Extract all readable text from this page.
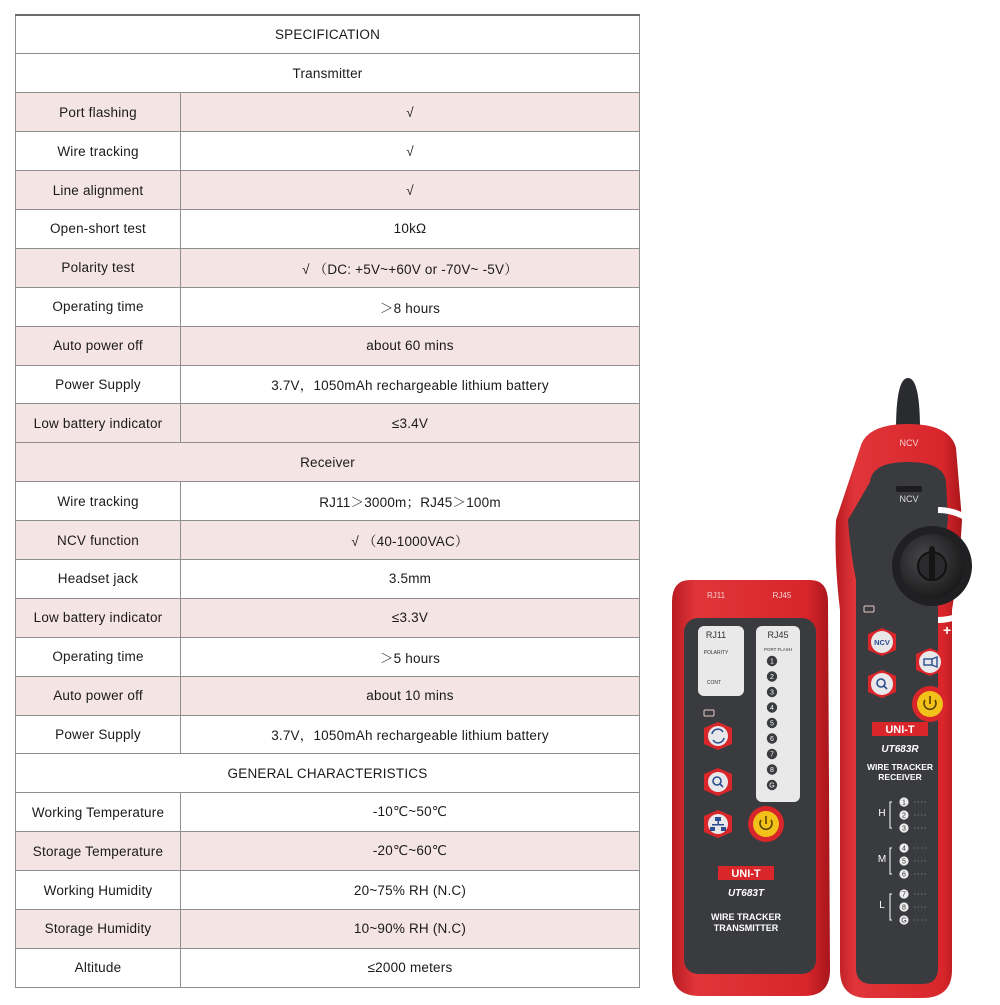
SPECIFICATION	
Transmitter	
Port flashing	√
Wire tracking	√
Line alignment	√
Open-short test	10kΩ
Polarity test	√ （DC: +5V~+60V or -70V~ -5V）
Operating time	＞8 hours
Auto power off	about 60 mins
Power Supply	3.7V，1050mAh rechargeable lithium battery
Low battery indicator	≤3.4V
Receiver	
Wire tracking	RJ11＞3000m；RJ45＞100m
NCV function	√ （40-1000VAC）
Headset jack	3.5mm
Low battery indicator	≤3.3V
Operating time	＞5 hours
Auto power off	about 10 mins
Power Supply	3.7V，1050mAh rechargeable lithium battery
GENERAL CHARACTERISTICS	
Working Temperature	-10℃~50℃
Storage Temperature	-20℃~60℃
Working Humidity	20~75% RH (N.C)
Storage Humidity	10~90% RH (N.C)
Altitude	≤2000 meters
RJ11	RJ45
RJ11
POLARITY
CONT
RJ45
PORT FLASH
1
2
3
4
5
6
7
8
G
UNI-T
UT683T
WIRE TRACKER
TRANSMITTER
NCV
NCV
−
+
NCV
UNI-T
UT683R
WIRE TRACKER
RECEIVER
H
1
2
3
M
4
5
6
L
7
8
G
